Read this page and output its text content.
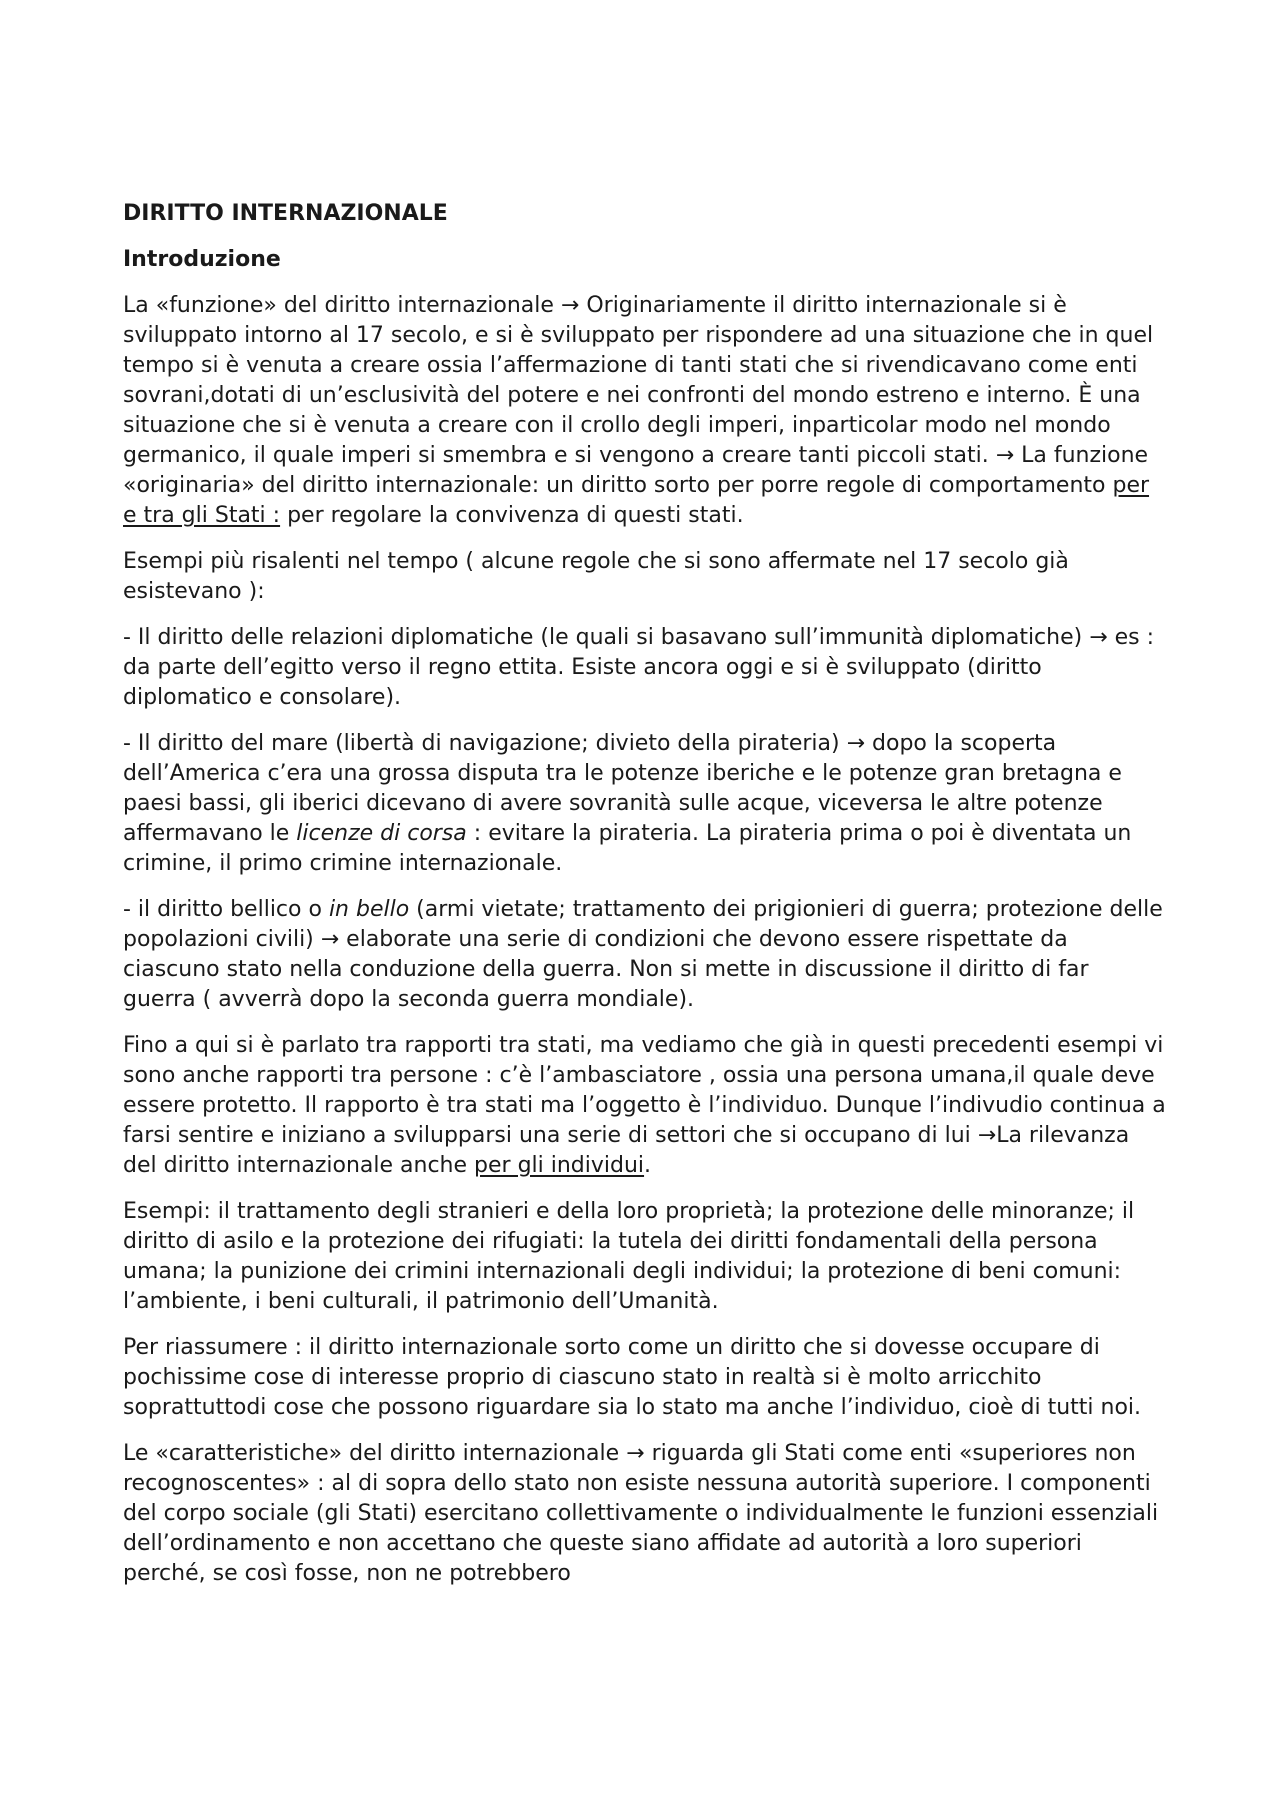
DIRITTO INTERNAZIONALE
Introduzione

La «funzione» del diritto internazionale → Originariamente il diritto internazionale si è sviluppato intorno al 17 secolo, e si è sviluppato per rispondere ad una situazione che in quel tempo si è venuta a creare ossia l’affermazione di tanti stati che si rivendicavano come enti sovrani,dotati di un’esclusività del potere e nei confronti del mondo estreno e interno. È una situazione che si è venuta a creare con il crollo degli imperi, inparticolar modo nel mondo germanico, il quale imperi si smembra e si vengono a creare tanti piccoli stati. → La funzione «originaria» del diritto internazionale: un diritto sorto per porre regole di comportamento per e tra gli Stati : per regolare la convivenza di questi stati.

Esempi più risalenti nel tempo ( alcune regole che si sono affermate nel 17 secolo già esistevano ):

- Il diritto delle relazioni diplomatiche (le quali si basavano sull’immunità diplomatiche) → es : da parte dell’egitto verso il regno ettita. Esiste ancora oggi e si è sviluppato (diritto diplomatico e consolare).

- Il diritto del mare (libertà di navigazione; divieto della pirateria) → dopo la scoperta dell’America c’era una grossa disputa tra le potenze iberiche e le potenze gran bretagna e paesi bassi, gli iberici dicevano di avere sovranità sulle acque, viceversa le altre potenze affermavano le licenze di corsa : evitare la pirateria. La pirateria prima o poi è diventata un crimine, il primo crimine internazionale.

- il diritto bellico o in bello (armi vietate; trattamento dei prigionieri di guerra; protezione delle popolazioni civili) → elaborate una serie di condizioni che devono essere rispettate da ciascuno stato nella conduzione della guerra. Non si mette in discussione il diritto di far guerra ( avverrà dopo la seconda guerra mondiale).

Fino a qui si è parlato tra rapporti tra stati, ma vediamo che già in questi precedenti esempi vi sono anche rapporti tra persone : c’è l’ambasciatore , ossia una persona umana,il quale deve essere protetto. Il rapporto è tra stati ma l’oggetto è l’individuo. Dunque l’indivudio continua a farsi sentire e iniziano a svilupparsi una serie di settori che si occupano di lui →La rilevanza del diritto internazionale anche per gli individui.

Esempi: il trattamento degli stranieri e della loro proprietà; la protezione delle minoranze; il diritto di asilo e la protezione dei rifugiati: la tutela dei diritti fondamentali della persona umana; la punizione dei crimini internazionali degli individui; la protezione di beni comuni: l’ambiente, i beni culturali, il patrimonio dell’Umanità.

Per riassumere : il diritto internazionale sorto come un diritto che si dovesse occupare di pochissime cose di interesse proprio di ciascuno stato in realtà si è molto arricchito soprattuttodi cose che possono riguardare sia lo stato ma anche l’individuo, cioè di tutti noi.

Le «caratteristiche» del diritto internazionale → riguarda gli Stati come enti «superiores non recognoscentes» : al di sopra dello stato non esiste nessuna autorità superiore. I componenti del corpo sociale (gli Stati) esercitano collettivamente o individualmente le funzioni essenziali dell’ordinamento e non accettano che queste siano affidate ad autorità a loro superiori perché, se così fosse, non ne potrebbero
